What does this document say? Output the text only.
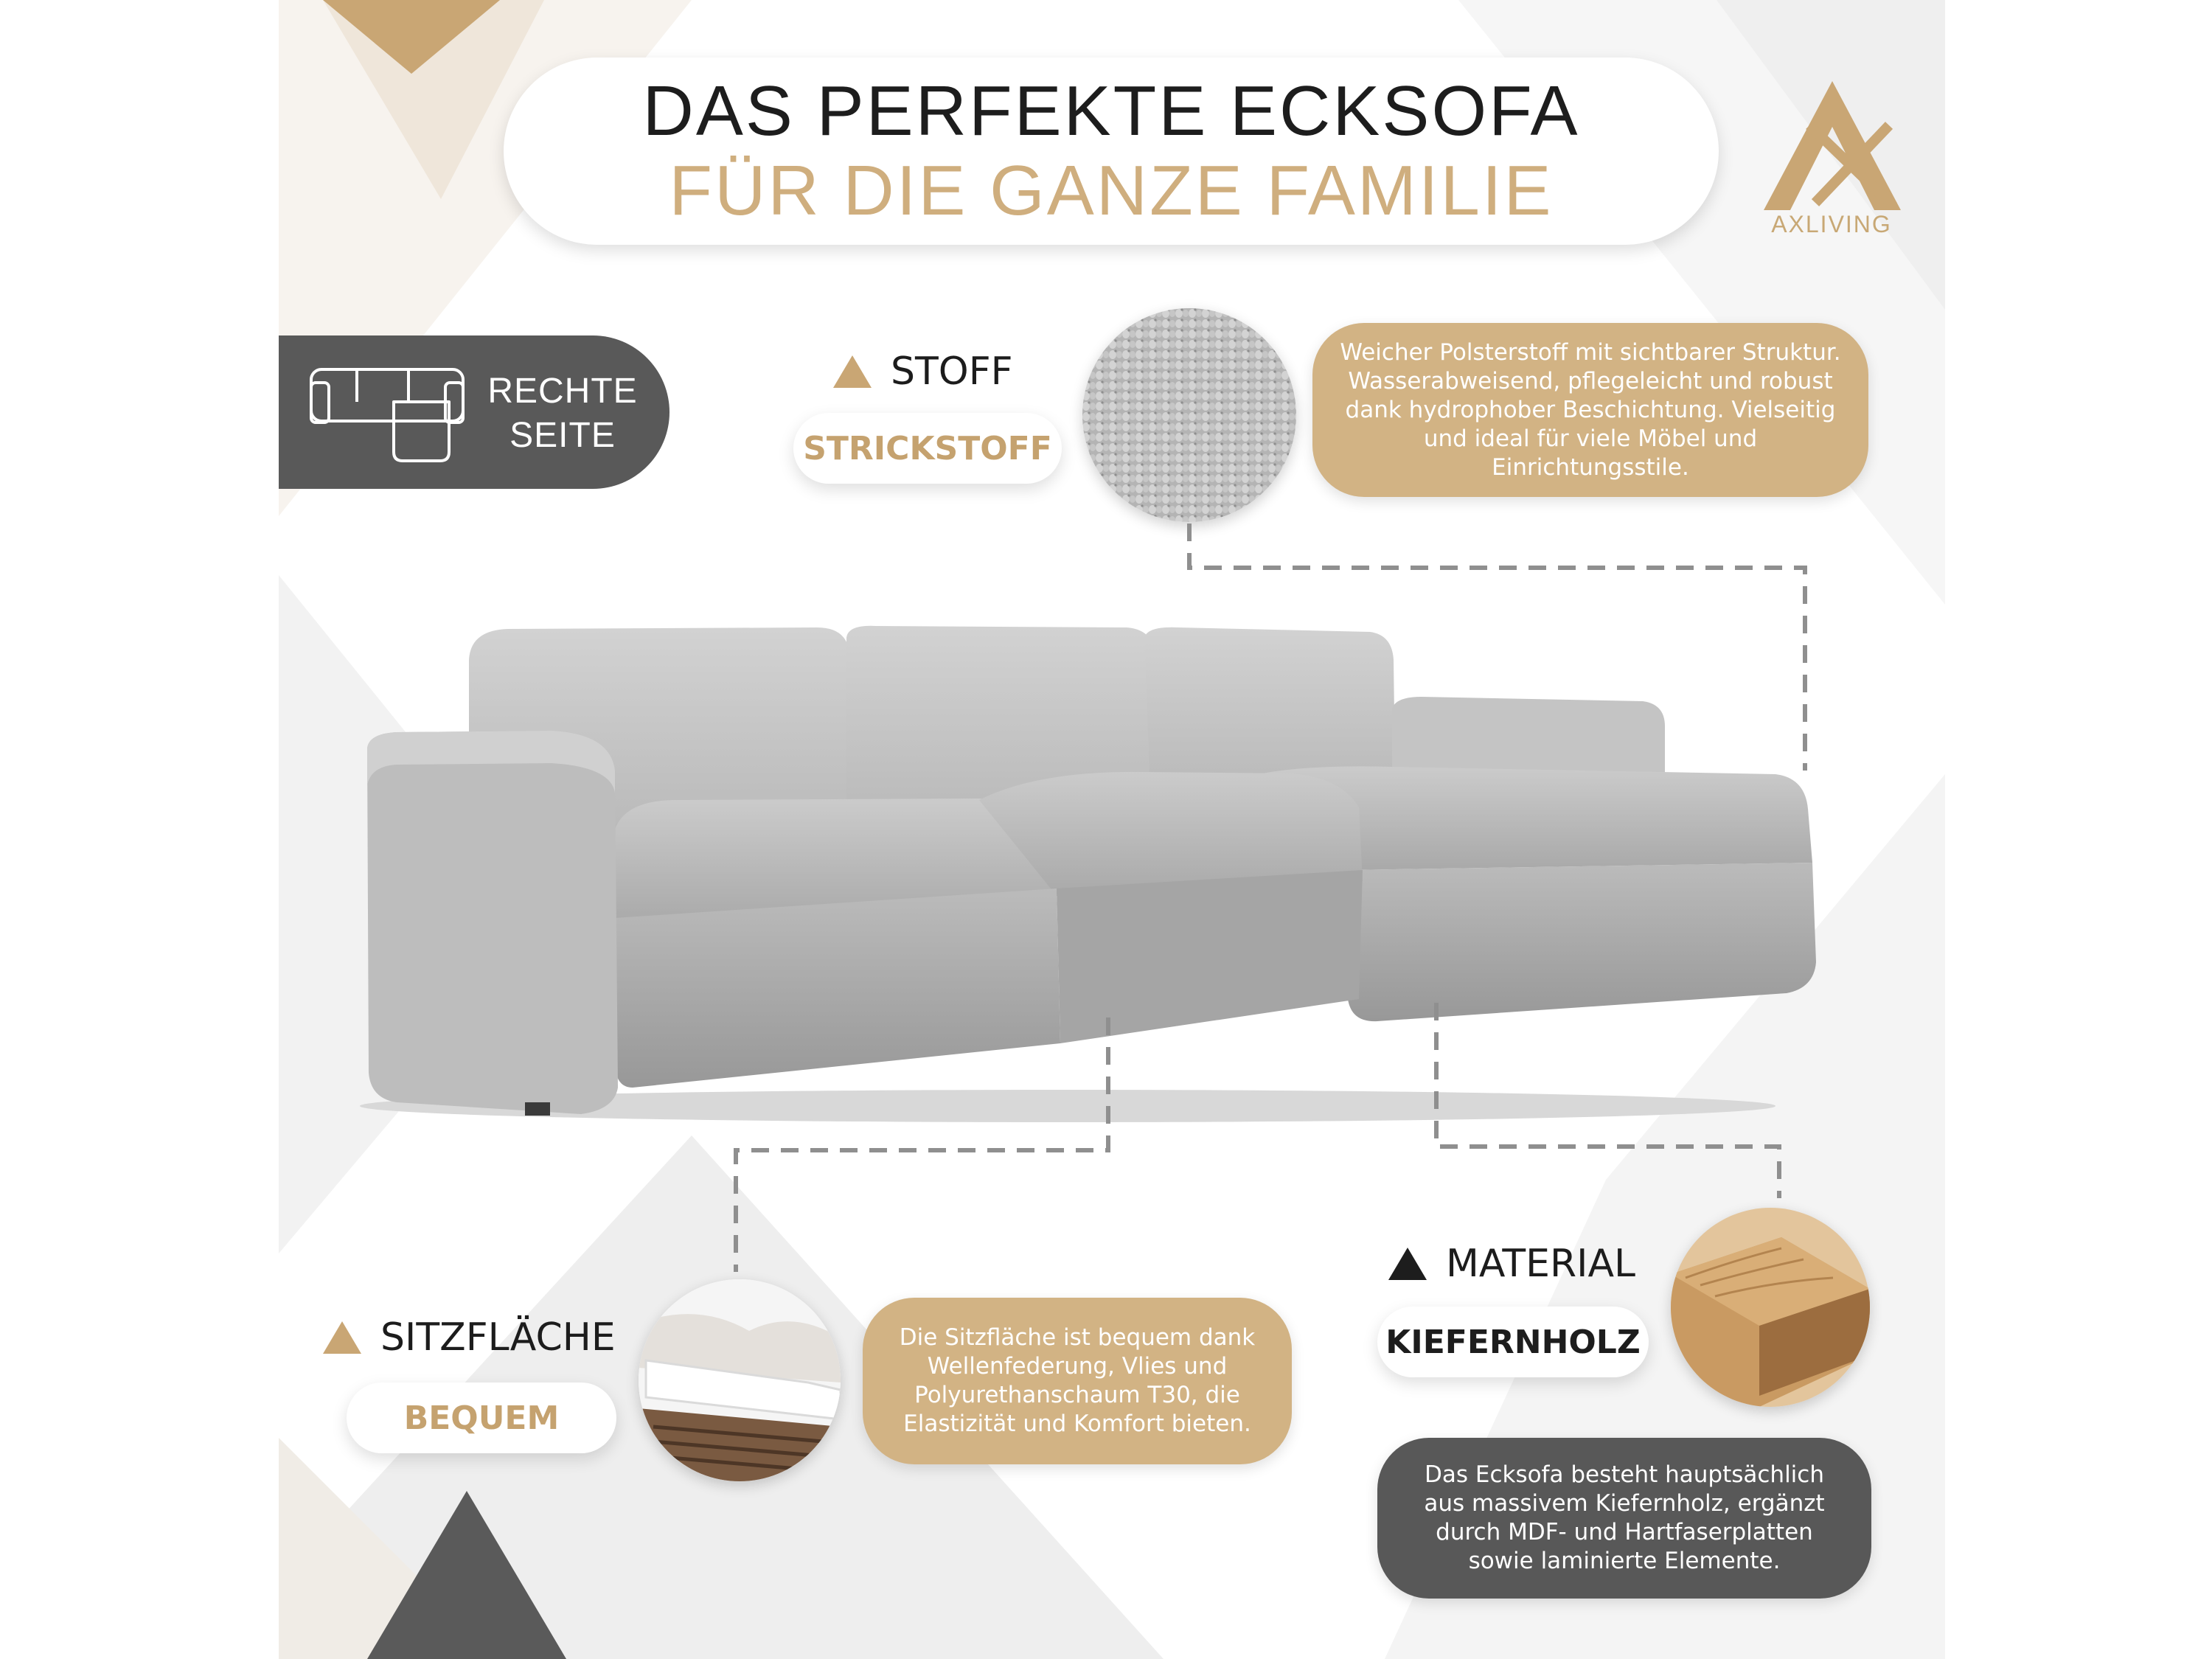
DAS PERFEKTE ECKSOFA
FÜR DIE GANZE FAMILIE	AXLIVING
RECHTE
SEITE
STOFF
STRICKSTOFF
Weicher Polsterstoff mit sichtbarer Struktur. Wasserabweisend, pflegeleicht und robust dank hydrophober Beschichtung. Vielseitig und ideal für viele Möbel und Einrichtungsstile.
SITZFLÄCHE
BEQUEM
Die Sitzfläche ist bequem dank Wellenfederung, Vlies und Polyurethanschaum T30, die Elastizität und Komfort bieten.
MATERIAL
KIEFERNHOLZ
Das Ecksofa besteht hauptsächlich aus massivem Kiefernholz, ergänzt durch MDF- und Hartfaserplatten sowie laminierte Elemente.
